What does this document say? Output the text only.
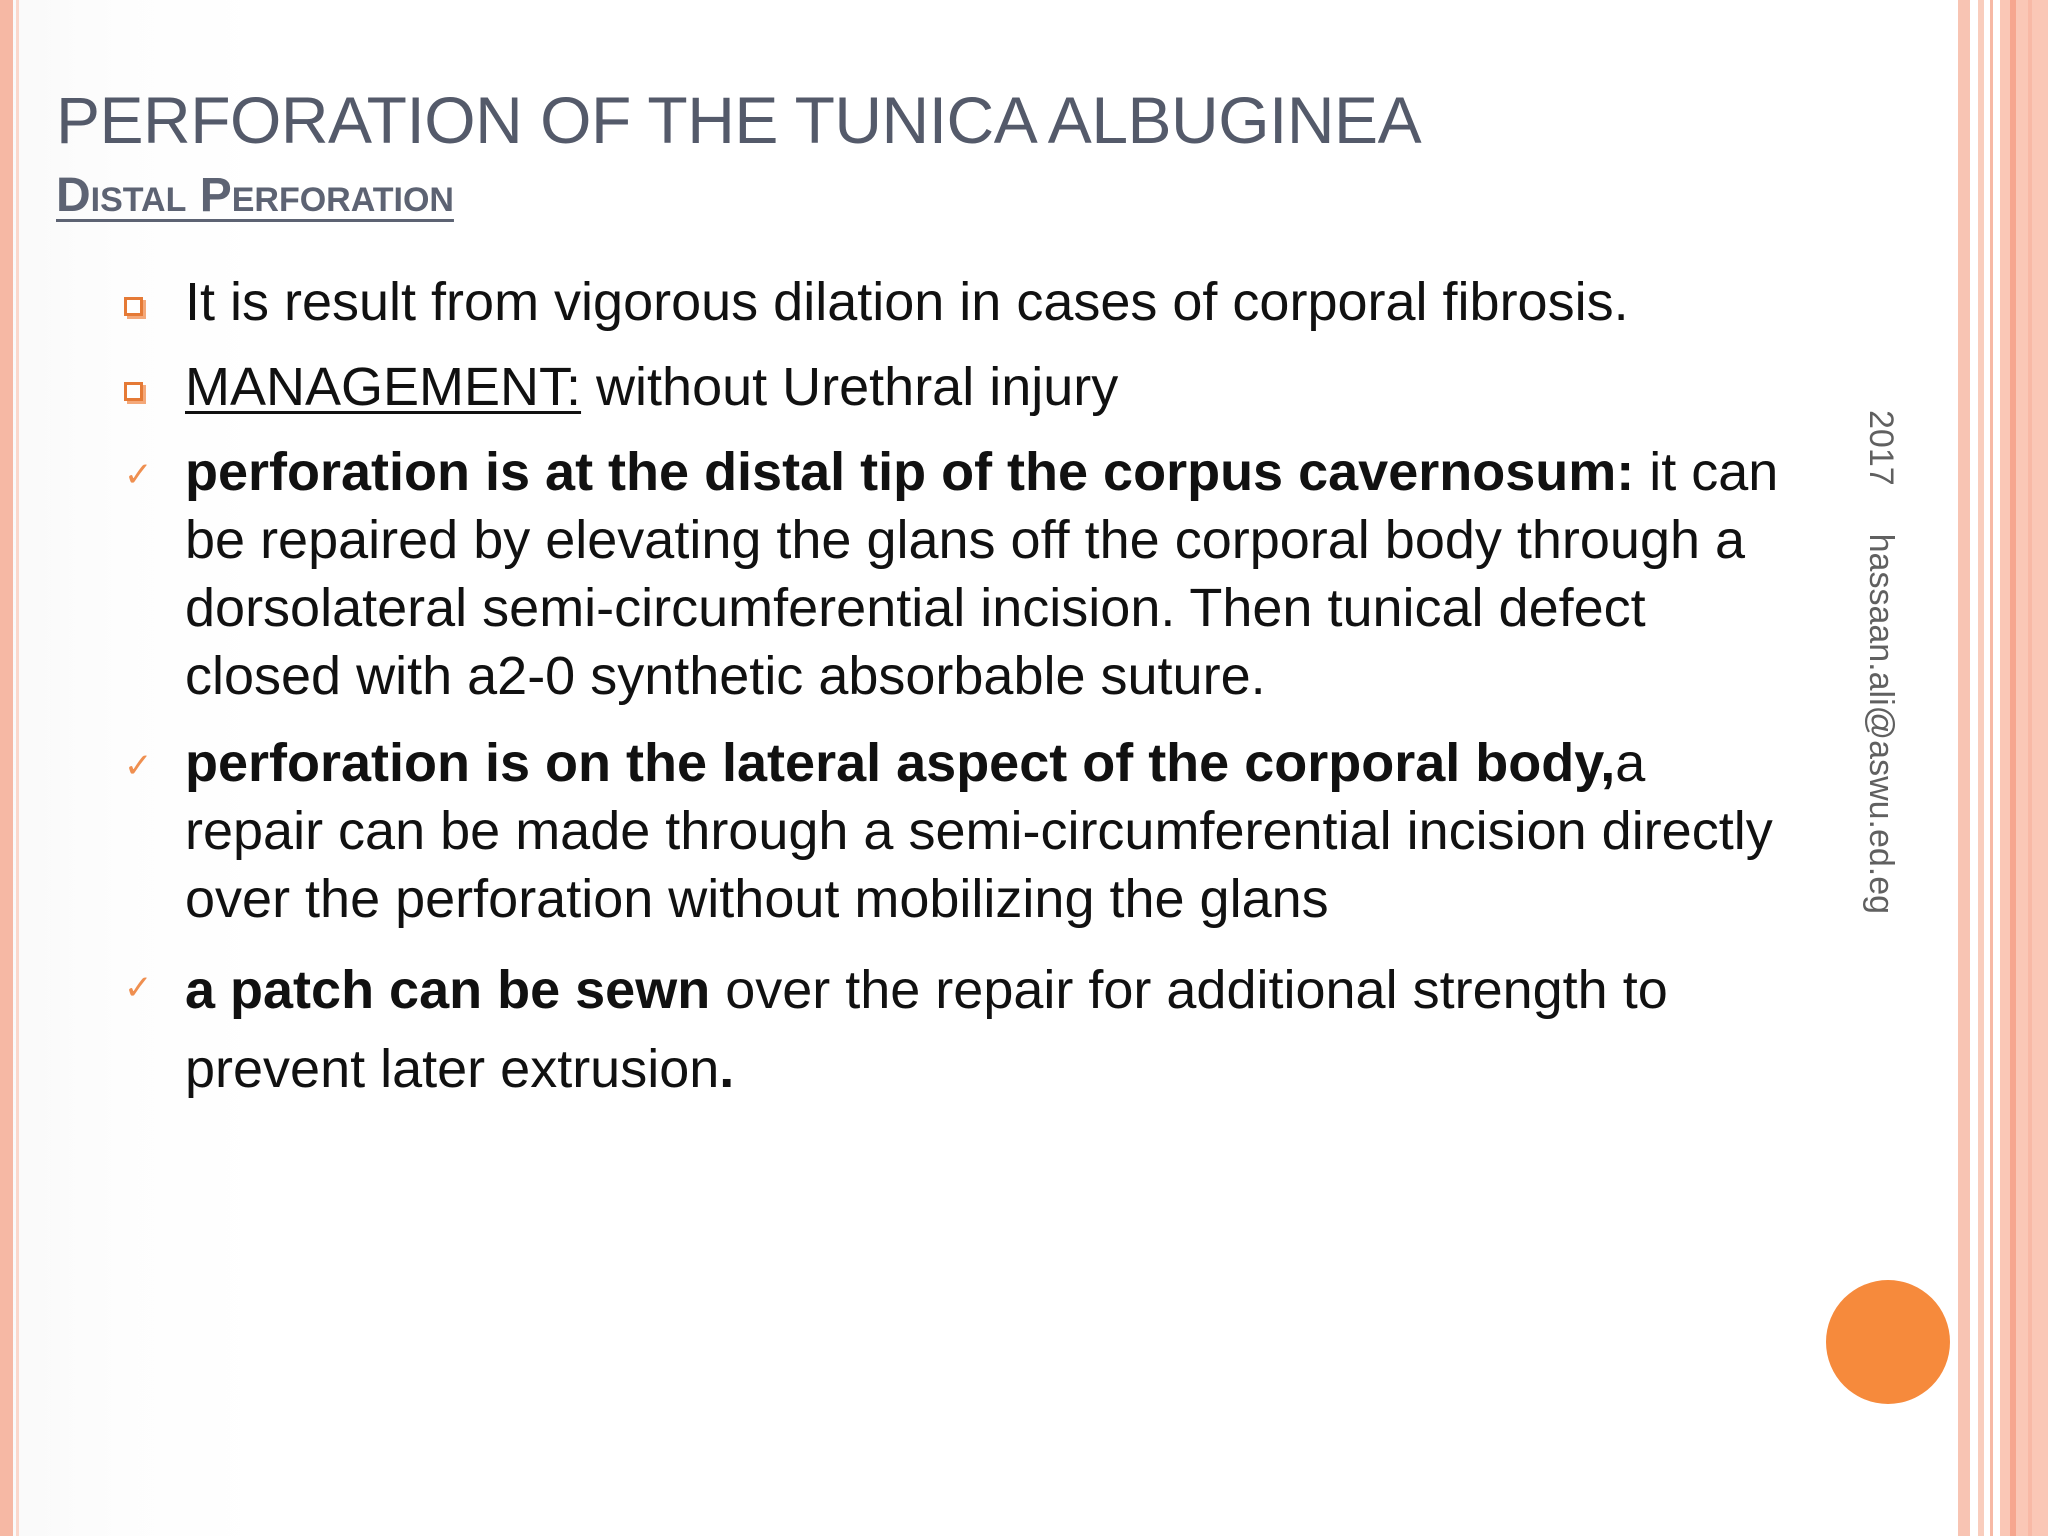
PERFORATION OF THE TUNICA ALBUGINEA
Distal Perforation
It is result from vigorous dilation in cases of corporal fibrosis.
MANAGEMENT: without Urethral injury
✓ perforation is at the distal tip of the corpus cavernosum: it can be repaired by elevating the glans off the corporal body through a dorsolateral semi-circumferential incision. Then tunical defect closed with a2-0 synthetic absorbable suture.
✓ perforation is on the lateral aspect of the corporal body,a repair can be made through a semi-circumferential incision directly over the perforation without mobilizing the glans
✓ a patch can be sewn over the repair for additional strength to prevent later extrusion.
2017hassaan.ali@aswu.ed.eg
